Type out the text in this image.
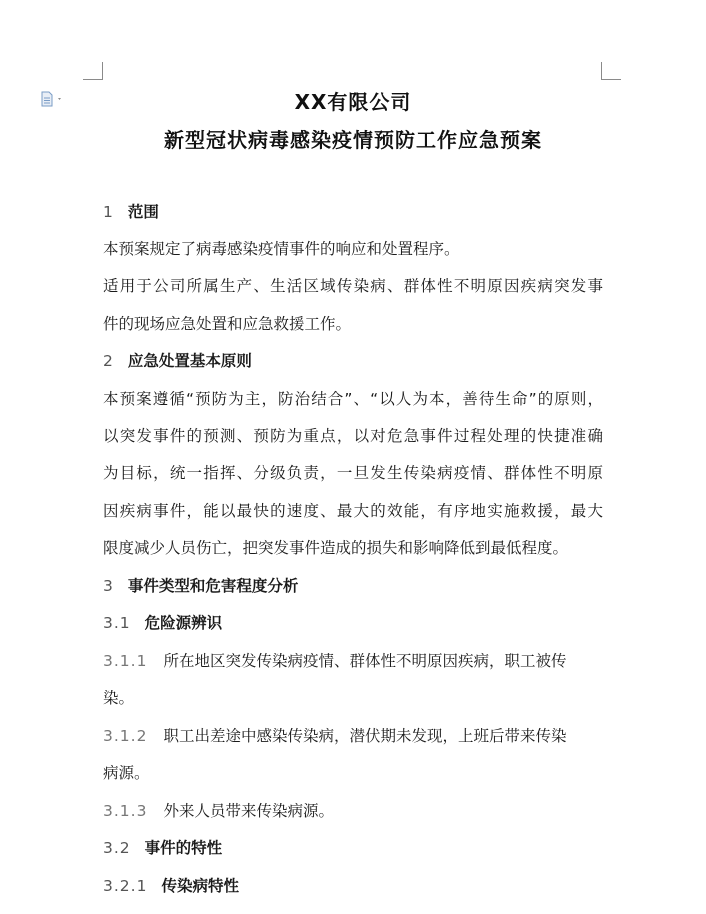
XX有限公司
新型冠状病毒感染疫情预防工作应急预案
1 范围
本预案规定了病毒感染疫情事件的响应和处置程序。
适用于公司所属生产、生活区域传染病、群体性不明原因疾病突发事
件的现场应急处置和应急救援工作。
2 应急处置基本原则
本预案遵循“预防为主，防治结合”、“以人为本，善待生命”的原则，
以突发事件的预测、预防为重点，以对危急事件过程处理的快捷准确
为目标，统一指挥、分级负责，一旦发生传染病疫情、群体性不明原
因疾病事件，能以最快的速度、最大的效能，有序地实施救援，最大
限度减少人员伤亡，把突发事件造成的损失和影响降低到最低程度。
3 事件类型和危害程度分析
3.1 危险源辨识
3.1.1 所在地区突发传染病疫情、群体性不明原因疾病，职工被传
染。
3.1.2 职工出差途中感染传染病，潜伏期未发现，上班后带来传染
病源。
3.1.3 外来人员带来传染病源。
3.2 事件的特性
3.2.1 传染病特性
